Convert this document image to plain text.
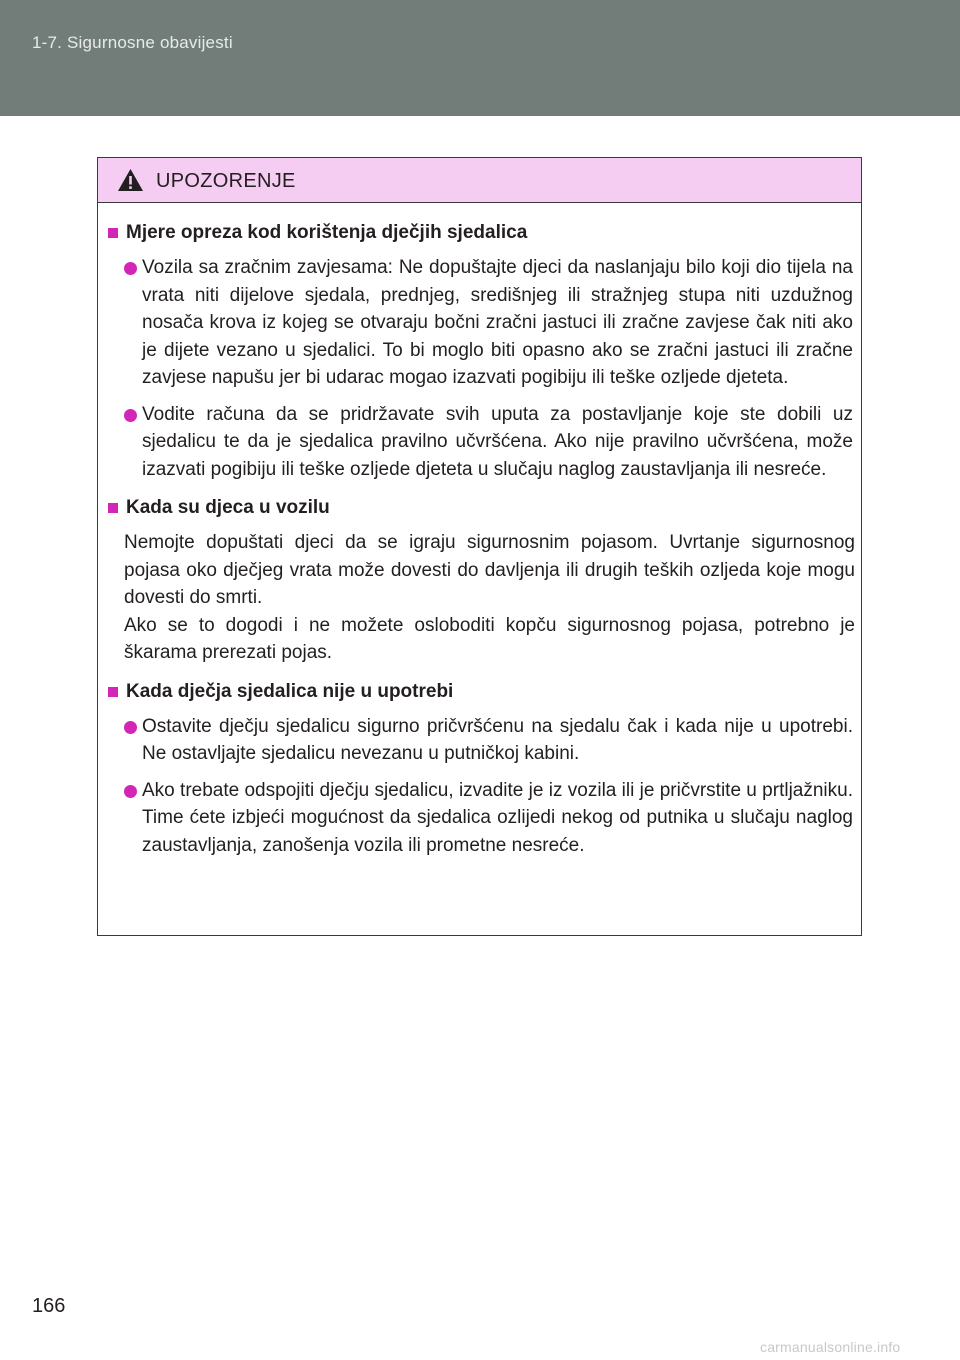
1-7. Sigurnosne obavijesti
UPOZORENJE
Mjere opreza kod korištenja dječjih sjedalica
Vozila sa zračnim zavjesama: Ne dopuštajte djeci da naslanjaju bilo koji dio tijela na vrata niti dijelove sjedala, prednjeg, središnjeg ili stražnjeg stupa niti uzdužnog nosača krova iz kojeg se otvaraju bočni zračni jastuci ili zračne zavjese čak niti ako je dijete vezano u sjedalici. To bi moglo biti opasno ako se zračni jastuci ili zračne zavjese napušu jer bi udarac mogao izazvati pogibiju ili teške ozljede djeteta.
Vodite računa da se pridržavate svih uputa za postavljanje koje ste dobili uz sjedalicu te da je sjedalica pravilno učvršćena. Ako nije pravilno učvršćena, može izazvati pogibiju ili teške ozljede djeteta u slučaju naglog zaustavljanja ili nesreće.
Kada su djeca u vozilu

Nemojte dopuštati djeci da se igraju sigurnosnim pojasom. Uvrtanje sigurnosnog pojasa oko dječjeg vrata može dovesti do davljenja ili drugih teških ozljeda koje mogu dovesti do smrti.

Ako se to dogodi i ne možete osloboditi kopču sigurnosnog pojasa, potrebno je škarama prerezati pojas.

Kada dječja sjedalica nije u upotrebi
Ostavite dječju sjedalicu sigurno pričvršćenu na sjedalu čak i kada nije u upotrebi. Ne ostavljajte sjedalicu nevezanu u putničkoj kabini.
Ako trebate odspojiti dječju sjedalicu, izvadite je iz vozila ili je pričvrstite u prtljažniku. Time ćete izbjeći mogućnost da sjedalica ozlijedi nekog od putnika u slučaju naglog zaustavljanja, zanošenja vozila ili prometne nesreće.
166
carmanualsonline.info
